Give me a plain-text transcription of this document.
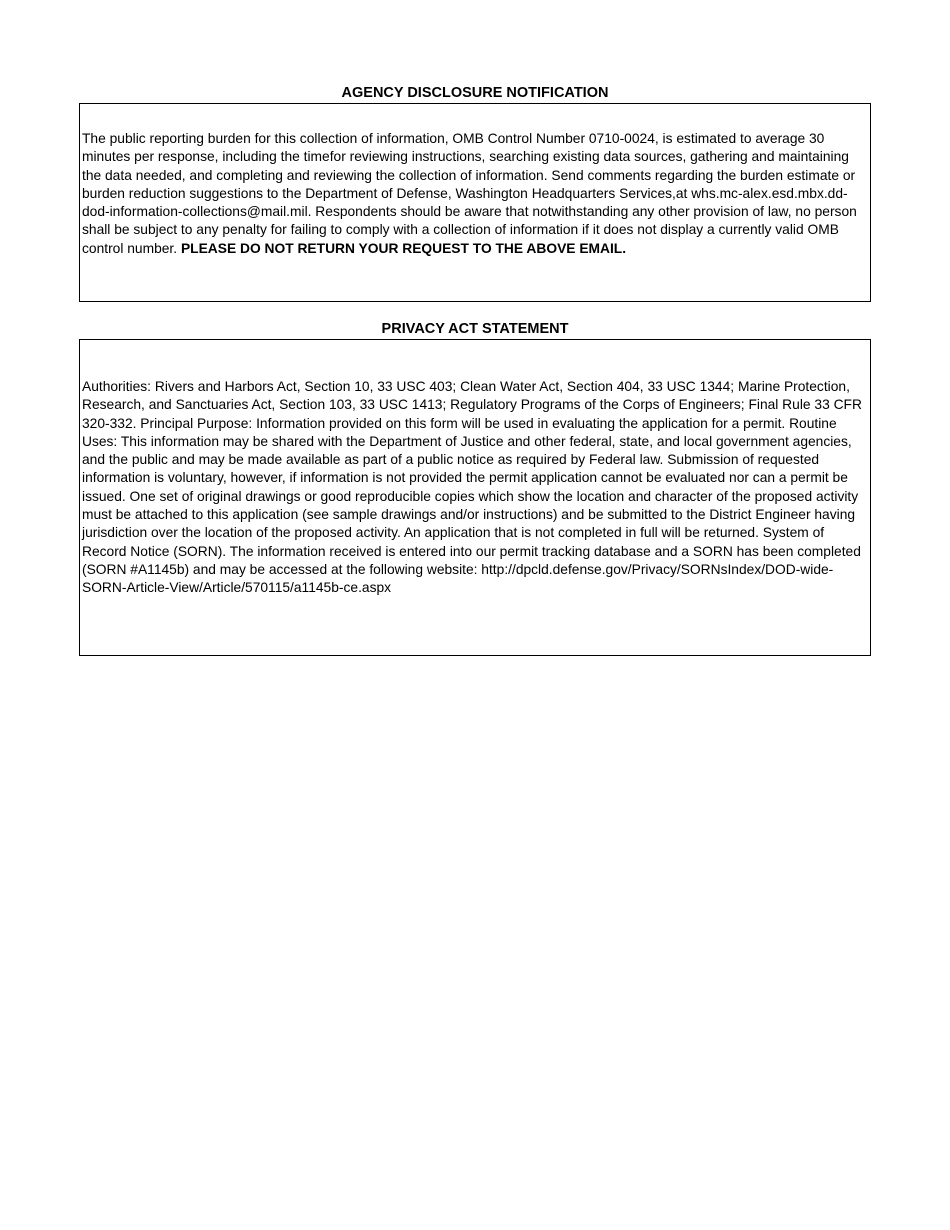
AGENCY DISCLOSURE NOTIFICATION
The public reporting burden for this collection of information, OMB Control Number 0710-0024, is estimated to average 30 minutes per response, including the timefor reviewing instructions, searching existing data sources, gathering and maintaining the data needed, and completing and reviewing the collection of information. Send comments regarding the burden estimate or burden reduction suggestions to the Department of Defense, Washington Headquarters Services,at whs.mc-alex.esd.mbx.dd-dod-information-collections@mail.mil. Respondents should be aware that notwithstanding any other provision of law, no person shall be subject to any penalty for failing to comply with a collection of information if it does not display a currently valid OMB control number. PLEASE DO NOT RETURN YOUR REQUEST TO THE ABOVE EMAIL.
PRIVACY ACT STATEMENT
Authorities: Rivers and Harbors Act, Section 10, 33 USC 403; Clean Water Act, Section 404, 33 USC 1344; Marine Protection, Research, and Sanctuaries Act, Section 103, 33 USC 1413; Regulatory Programs of the Corps of Engineers; Final Rule 33 CFR 320-332. Principal Purpose: Information provided on this form will be used in evaluating the application for a permit. Routine Uses: This information may be shared with the Department of Justice and other federal, state, and local government agencies, and the public and may be made available as part of a public notice as required by Federal law. Submission of requested information is voluntary, however, if information is not provided the permit application cannot be evaluated nor can a permit be issued. One set of original drawings or good reproducible copies which show the location and character of the proposed activity must be attached to this application (see sample drawings and/or instructions) and be submitted to the District Engineer having jurisdiction over the location of the proposed activity. An application that is not completed in full will be returned. System of Record Notice (SORN). The information received is entered into our permit tracking database and a SORN has been completed (SORN #A1145b) and may be accessed at the following website: http://dpcld.defense.gov/Privacy/SORNsIndex/DOD-wide-SORN-Article-View/Article/570115/a1145b-ce.aspx
